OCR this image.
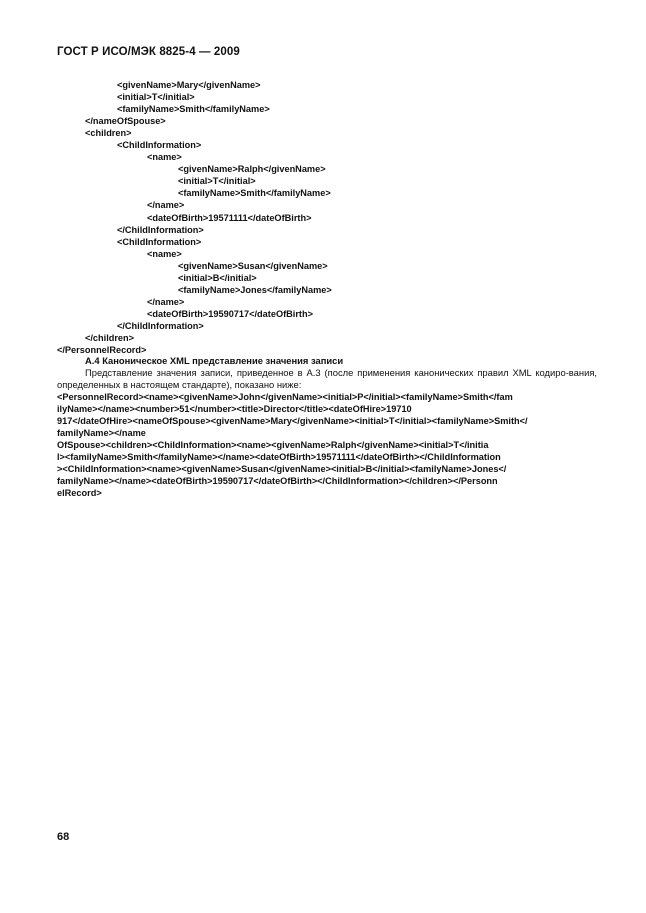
ГОСТ Р ИСО/МЭК 8825-4 — 2009
<givenName>Mary</givenName>
<initial>T</initial>
<familyName>Smith</familyName>
</nameOfSpouse>
<children>
<ChildInformation>
<name>
<givenName>Ralph</givenName>
<initial>T</initial>
<familyName>Smith</familyName>
</name>
<dateOfBirth>19571111</dateOfBirth>
</ChildInformation>
<ChildInformation>
<name>
<givenName>Susan</givenName>
<initial>B</initial>
<familyName>Jones</familyName>
</name>
<dateOfBirth>19590717</dateOfBirth>
</ChildInformation>
</children>
</PersonnelRecord>
А.4 Каноническое XML представление значения записи
Представление значения записи, приведенное в А.3 (после применения канонических правил XML кодиро-вания, определенных в настоящем стандарте), показано ниже:
<PersonnelRecord><name><givenName>John</givenName><initial>P</initial><familyName>Smith</fam
ilyName></name><number>51</number><title>Director</title><dateOfHire>19710
917</dateOfHire><nameOfSpouse><givenName>Mary</givenName><initial>T</initial><familyName>Smith</
familyName></name
OfSpouse><children><ChildInformation><name><givenName>Ralph</givenName><initial>T</initia
l><familyName>Smith</familyName></name><dateOfBirth>19571111</dateOfBirth></ChildInformation
><ChildInformation><name><givenName>Susan</givenName><initial>B</initial><familyName>Jones</
familyName></name><dateOfBirth>19590717</dateOfBirth></ChildInformation></children></Personn
elRecord>
68
